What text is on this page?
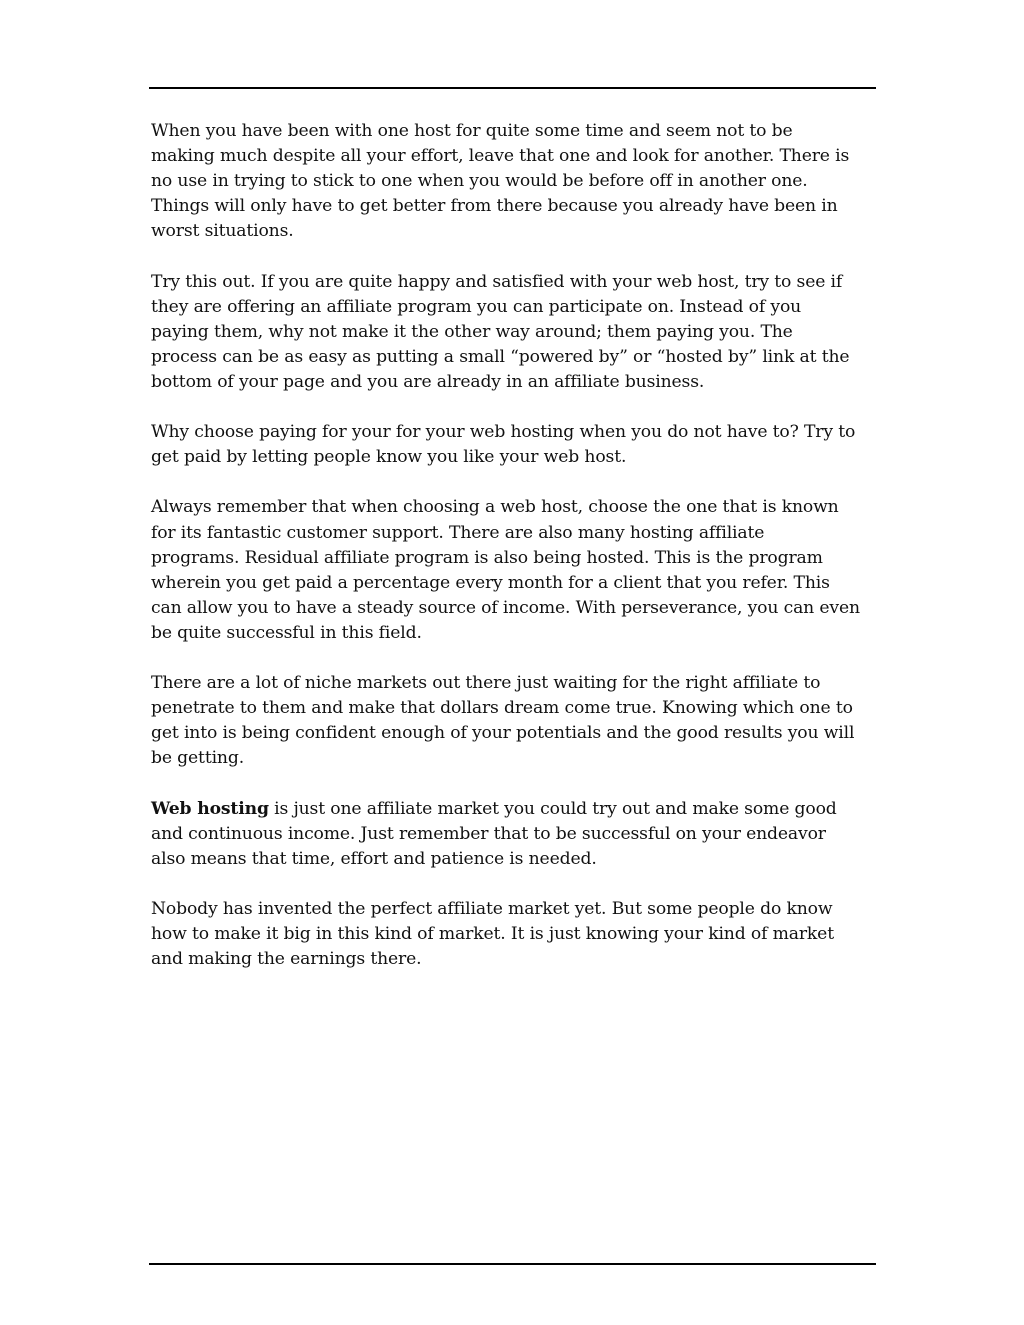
When you have been with one host for quite some time and seem not to be
making much despite all your effort, leave that one and look for another. There is
no use in trying to stick to one when you would be before off in another one.
Things will only have to get better from there because you already have been in
worst situations.

Try this out. If you are quite happy and satisfied with your web host, try to see if
they are offering an affiliate program you can participate on. Instead of you
paying them, why not make it the other way around; them paying you. The
process can be as easy as putting a small “powered by” or “hosted by” link at the
bottom of your page and you are already in an affiliate business.

Why choose paying for your for your web hosting when you do not have to? Try to
get paid by letting people know you like your web host.

Always remember that when choosing a web host, choose the one that is known
for its fantastic customer support. There are also many hosting affiliate
programs. Residual affiliate program is also being hosted. This is the program
wherein you get paid a percentage every month for a client that you refer. This
can allow you to have a steady source of income. With perseverance, you can even
be quite successful in this field.

There are a lot of niche markets out there just waiting for the right affiliate to
penetrate to them and make that dollars dream come true. Knowing which one to
get into is being confident enough of your potentials and the good results you will
be getting.

Web hosting is just one affiliate market you could try out and make some good
and continuous income. Just remember that to be successful on your endeavor
also means that time, effort and patience is needed.

Nobody has invented the perfect affiliate market yet. But some people do know
how to make it big in this kind of market. It is just knowing your kind of market
and making the earnings there.
